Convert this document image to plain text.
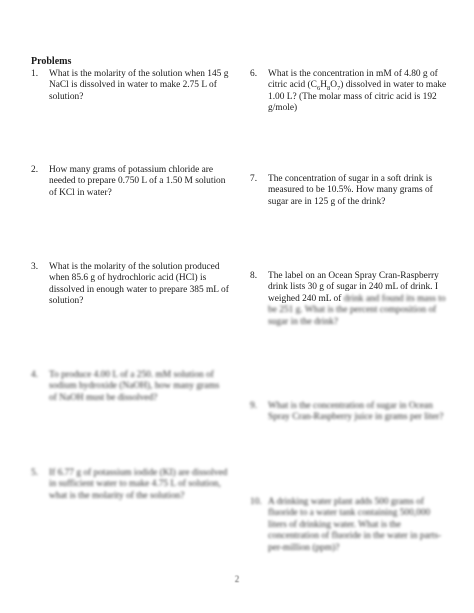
Problems
1.	What is the molarity of the solution when 145 g NaCl is dissolved in water to make 2.75 L of solution?
2.	How many grams of potassium chloride are needed to prepare 0.750 L of a 1.50 M solution of KCl in water?
3.	What is the molarity of the solution produced when 85.6 g of hydrochloric acid (HCl) is dissolved in enough water to prepare 385 mL of solution?
4.	To produce 4.00 L of a 250. mM solution of sodium hydroxide (NaOH), how many grams of NaOH must be dissolved?
5.	If 6.77 g of potassium iodide (KI) are dissolved in sufficient water to make 4.75 L of solution, what is the molarity of the solution?
6.	What is the concentration in mM of 4.80 g of citric acid $(C_6H_8O_7)$ dissolved in water to make 1.00 L? (The molar mass of citric acid is 192 g/mole)
7.	The concentration of sugar in a soft drink is measured to be 10.5%. How many grams of sugar are in 125 g of the drink?
8.	The label on an Ocean Spray Cran-Raspberry drink lists 30 g of sugar in 240 mL of drink. I weighed 240 mL of drink and found its mass to be 251 g. What is the percent composition of sugar in the drink?
9.	What is the concentration of sugar in Ocean Spray Cran-Raspberry juice in grams per liter?
10. A drinking water plant adds 500 grams of fluoride to a water tank containing 500,000 liters of drinking water. What is the concentration of fluoride in the water in parts-per-million (ppm)?
2
